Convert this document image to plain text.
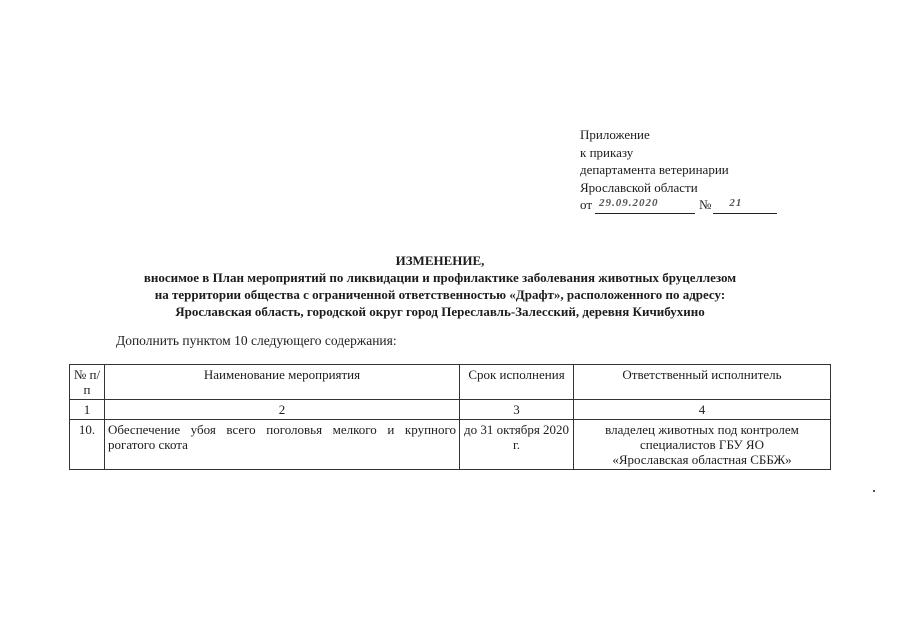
Приложение
к приказу
департамента ветеринарии
Ярославской области
от 29.09.2020	№ 21
ИЗМЕНЕНИЕ,
вносимое в План мероприятий по ликвидации и профилактике заболевания животных бруцеллезом
на территории общества с ограниченной ответственностью «Драфт», расположенного по адресу:
Ярославская область, городской округ город Переславль-Залесский, деревня Кичибухино
Дополнить пунктом 10 следующего содержания:
№ п/п	Наименование мероприятия	Срок исполнения	Ответственный исполнитель
1	2	3	4
10.	Обеспечение убоя всего поголовья мелкого и крупного рогатого скота	до 31 октября 2020 г.	владелец животных под контролем
специалистов ГБУ ЯО
«Ярославская областная СББЖ»
